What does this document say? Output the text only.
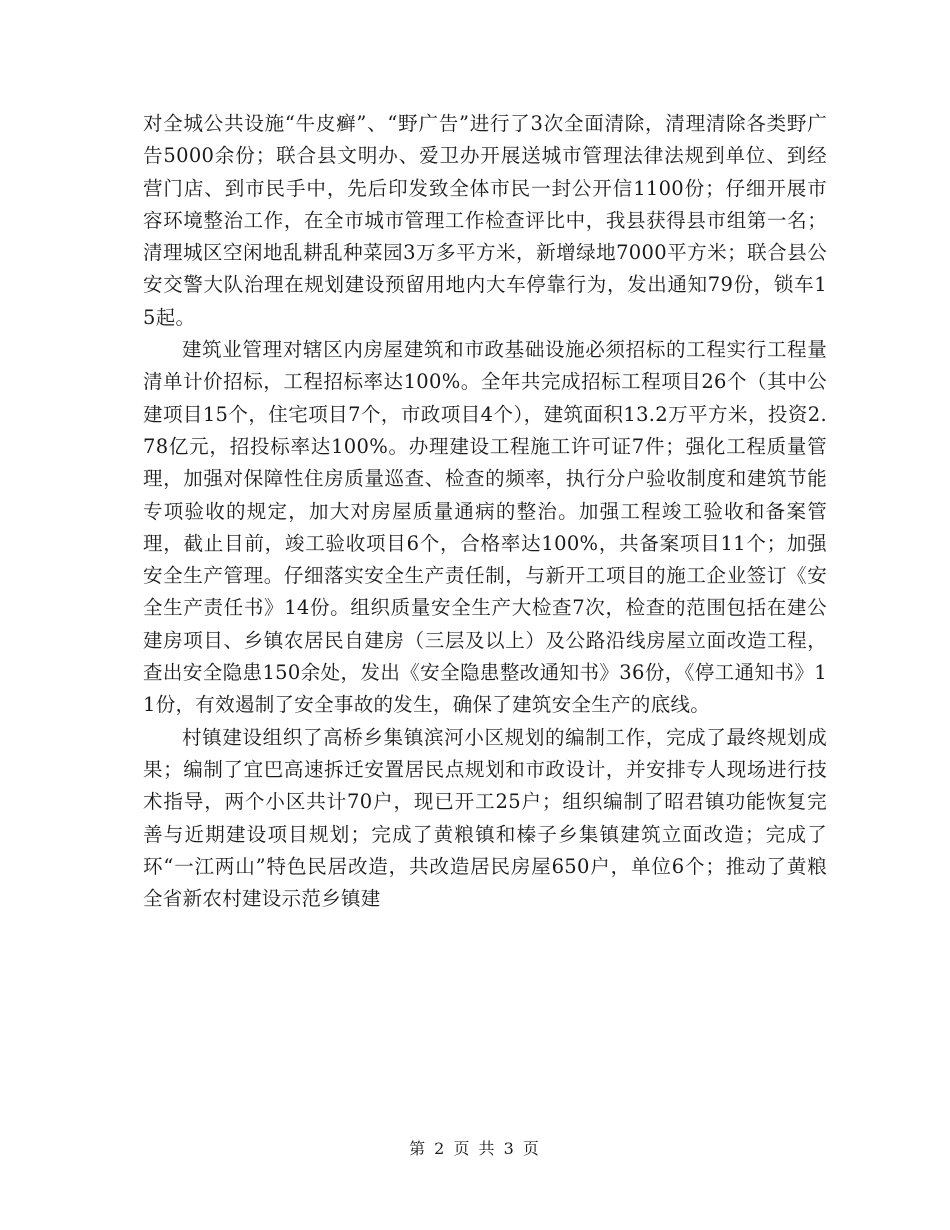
对全城公共设施“牛皮癣”、“野广告”进行了3次全面清除，清理清除各类野广告5000余份；联合县文明办、爱卫办开展送城市管理法律法规到单位、到经营门店、到市民手中，先后印发致全体市民一封公开信1100份；仔细开展市容环境整治工作，在全市城市管理工作检查评比中，我县获得县市组第一名；清理城区空闲地乱耕乱种菜园3万多平方米，新增绿地7000平方米；联合县公安交警大队治理在规划建设预留用地内大车停靠行为，发出通知79份，锁车15起。

建筑业管理对辖区内房屋建筑和市政基础设施必须招标的工程实行工程量清单计价招标，工程招标率达100%。全年共完成招标工程项目26个（其中公建项目15个，住宅项目7个，市政项目4个），建筑面积13.2万平方米，投资2.78亿元，招投标率达100%。办理建设工程施工许可证7件；强化工程质量管理，加强对保障性住房质量巡查、检查的频率，执行分户验收制度和建筑节能专项验收的规定，加大对房屋质量通病的整治。加强工程竣工验收和备案管理，截止目前，竣工验收项目6个，合格率达100%，共备案项目11个；加强安全生产管理。仔细落实安全生产责任制，与新开工项目的施工企业签订《安全生产责任书》14份。组织质量安全生产大检查7次，检查的范围包括在建公建房项目、乡镇农居民自建房（三层及以上）及公路沿线房屋立面改造工程，查出安全隐患150余处，发出《安全隐患整改通知书》36份，《停工通知书》11份，有效遏制了安全事故的发生，确保了建筑安全生产的底线。

村镇建设组织了高桥乡集镇滨河小区规划的编制工作，完成了最终规划成果；编制了宜巴高速拆迁安置居民点规划和市政设计，并安排专人现场进行技术指导，两个小区共计70户，现已开工25户；组织编制了昭君镇功能恢复完善与近期建设项目规划；完成了黄粮镇和榛子乡集镇建筑立面改造；完成了环“一江两山”特色民居改造，共改造居民房屋650户，单位6个；推动了黄粮全省新农村建设示范乡镇建

第 2 页 共 3 页
